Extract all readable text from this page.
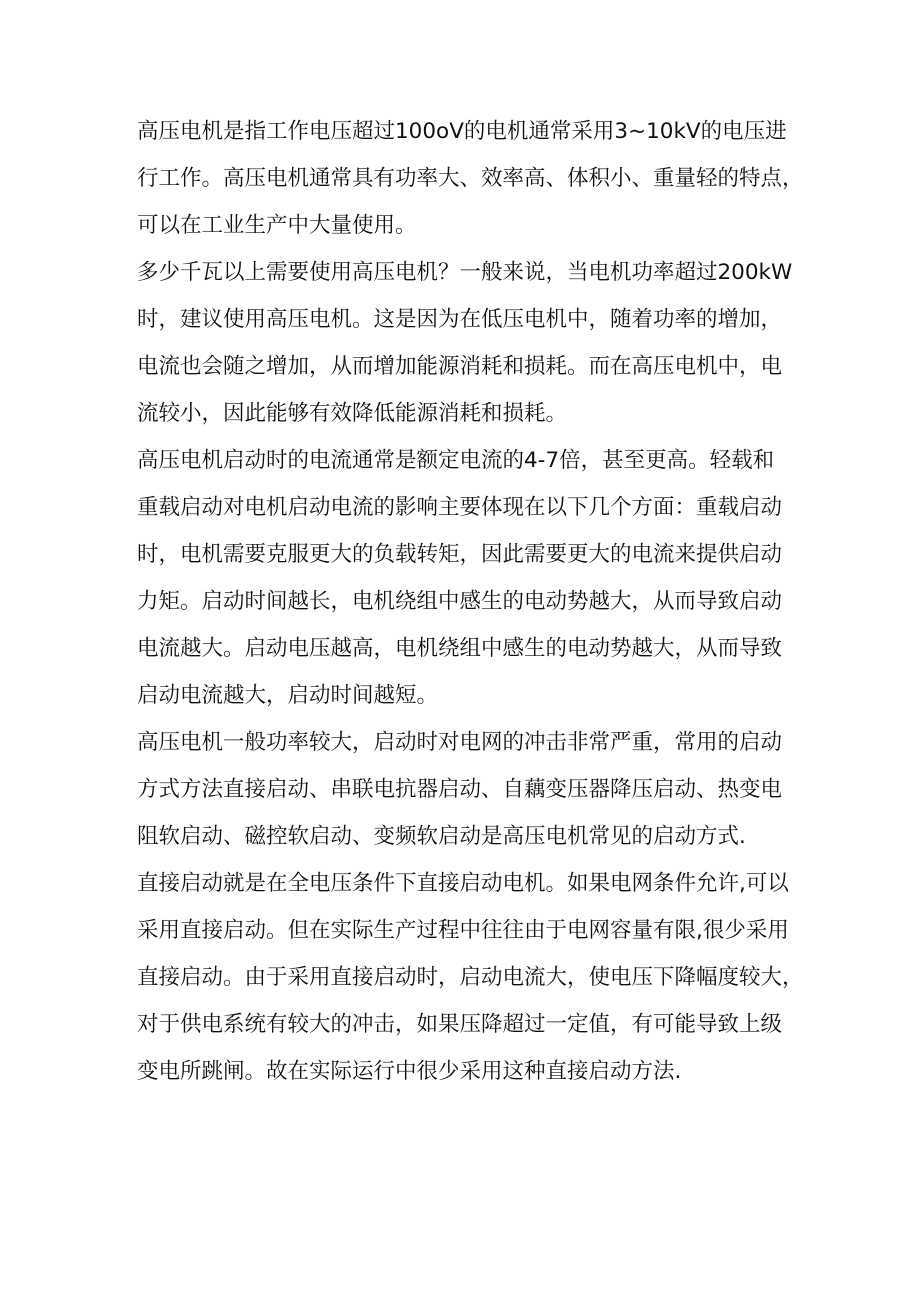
高压电机是指工作电压超过100oV的电机通常采用3~10kV的电压进
行工作。高压电机通常具有功率大、效率高、体积小、重量轻的特点，
可以在工业生产中大量使用。

多少千瓦以上需要使用高压电机？一般来说，当电机功率超过200kW
时，建议使用高压电机。这是因为在低压电机中，随着功率的增加，
电流也会随之增加，从而增加能源消耗和损耗。而在高压电机中，电
流较小，因此能够有效降低能源消耗和损耗。

高压电机启动时的电流通常是额定电流的4-7倍，甚至更高。轻载和
重载启动对电机启动电流的影响主要体现在以下几个方面：重载启动
时，电机需要克服更大的负载转矩，因此需要更大的电流来提供启动
力矩。启动时间越长，电机绕组中感生的电动势越大，从而导致启动
电流越大。启动电压越高，电机绕组中感生的电动势越大，从而导致
启动电流越大，启动时间越短。

高压电机一般功率较大，启动时对电网的冲击非常严重，常用的启动
方式方法直接启动、串联电抗器启动、自藕变压器降压启动、热变电
阻软启动、磁控软启动、变频软启动是高压电机常见的启动方式.

直接启动就是在全电压条件下直接启动电机。如果电网条件允许,可以
采用直接启动。但在实际生产过程中往往由于电网容量有限,很少采用
直接启动。由于采用直接启动时，启动电流大，使电压下降幅度较大，
对于供电系统有较大的冲击，如果压降超过一定值，有可能导致上级
变电所跳闸。故在实际运行中很少采用这种直接启动方法.
